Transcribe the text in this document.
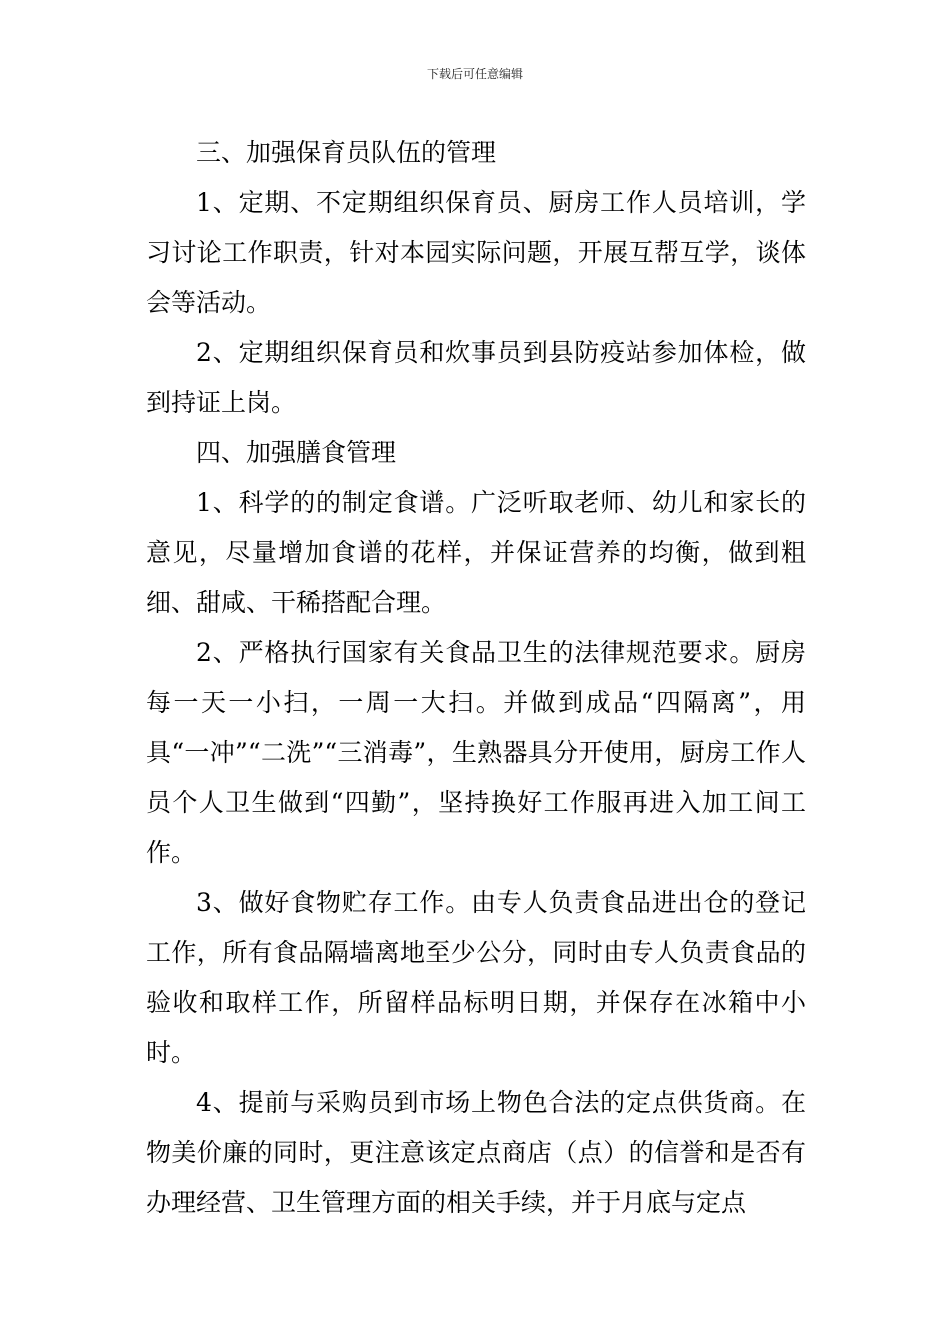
下载后可任意编辑

三、加强保育员队伍的管理

1、定期、不定期组织保育员、厨房工作人员培训，学习讨论工作职责，针对本园实际问题，开展互帮互学，谈体会等活动。

2、定期组织保育员和炊事员到县防疫站参加体检，做到持证上岗。

四、加强膳食管理

1、科学的的制定食谱。广泛听取老师、幼儿和家长的意见，尽量增加食谱的花样，并保证营养的均衡，做到粗细、甜咸、干稀搭配合理。

2、严格执行国家有关食品卫生的法律规范要求。厨房每一天一小扫，一周一大扫。并做到成品“四隔离”，用具“一冲”“二洗”“三消毒”，生熟器具分开使用，厨房工作人员个人卫生做到“四勤”，坚持换好工作服再进入加工间工作。

3、做好食物贮存工作。由专人负责食品进出仓的登记工作，所有食品隔墙离地至少公分，同时由专人负责食品的验收和取样工作，所留样品标明日期，并保存在冰箱中小时。

4、提前与采购员到市场上物色合法的定点供货商。在物美价廉的同时，更注意该定点商店（点）的信誉和是否有办理经营、卫生管理方面的相关手续，并于月底与定点
